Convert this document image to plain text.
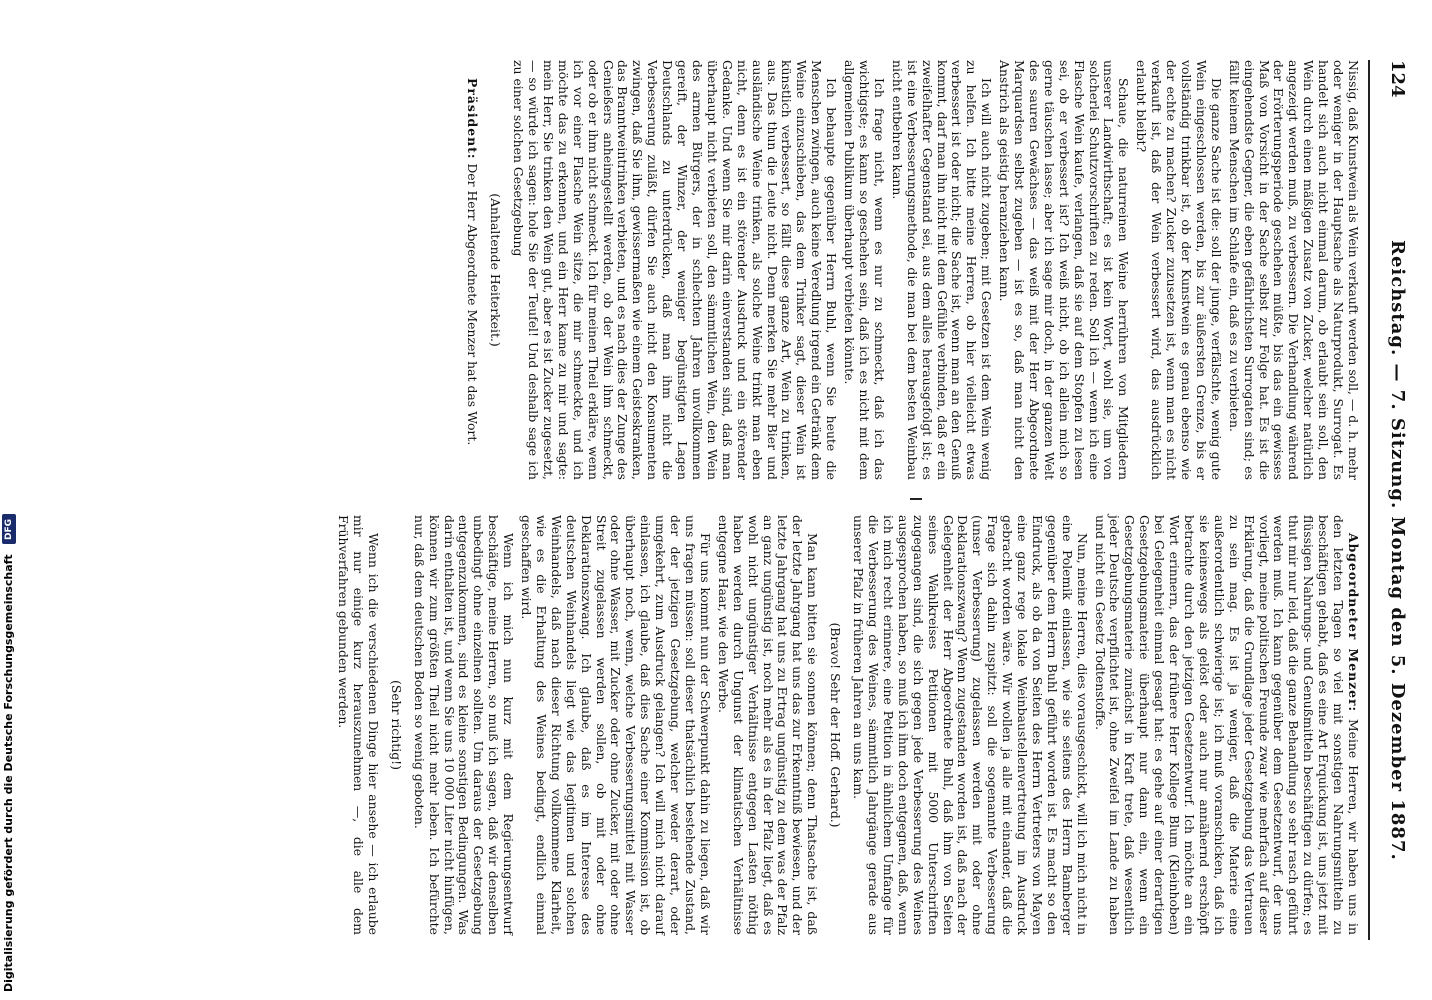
124
Reichstag. — 7. Sitzung. Montag den 5. Dezember 1887.

Nissig, daß Kunstwein als Wein verkauft werden soll, — d. h. mehr oder weniger in der Hauptsache als Naturprodukt, Surrogat. Es handelt sich auch nicht einmal darum, ob erlaubt sein soll, den Wein durch einen mäßigen Zusatz von Zucker, welcher natürlich angezeigt werden muß, zu verbessern. Die Verhandlung während der Erörterungsperiode geschehen müßte, bis das ein gewisses Maß von Vorsicht in der Sache selbst zur Folge hat. Es ist die eingehendste Gegner, die eben gefährlichsten Surrogaten sind; es fällt keinem Menschen im Schlafe ein, daß es zu verbieten.

Die ganze Sache ist die: soll der junge, verfälschte, wenig gute Wein eingeschlossen werden, bis zur äußersten Grenze, bis er vollständig trinkbar ist, ob der Kunstwein es genau ebenso wie der echte zu machen? Zucker zuzusetzen ist, wenn man es nicht verkauft ist, daß der Wein verbessert wird, das ausdrücklich erlaubt bleibt?

Schaue, die naturreinen Weine herrühren von Mitgliedern unserer Landwirthschaft; es ist kein Wort, wohl sie, um von solcherlei Schutzvorschriften zu reden. Soll ich — wenn ich eine Flasche Wein kaufe, verlangen, daß sie auf dem Stopfen zu lesen sei, ob er verbessert ist? Ich weiß nicht, ob ich allein mich so gerne täuschen lasse; aber ich sage mir doch, in der ganzen Welt des sauren Gewächses — das weiß mit der Herr Abgeordnete Marquardsen selbst zugeben — ist es so, daß man nicht den Anstrich als geistig heranziehen kann.

Ich will auch nicht zugeben; mit Gesetzen ist dem Wein wenig zu helfen. Ich bitte meine Herren, ob hier vielleicht etwas verbessert ist oder nicht; die Sache ist, wenn man an den Genuß kommt, darf man ihn nicht mit dem Gefühle verbinden, daß er ein zweifelhafter Gegenstand sei, aus dem alles herausgefolgt ist; es ist eine Verbesserungsmethode, die man bei dem besten Weinbau nicht entbehren kann.

Ich frage nicht, wenn es nur zu schmeckt, daß ich das wichtigste; es kann so geschehen sein, daß ich es nicht mit dem allgemeinen Publikum überhaupt verbieten könnte.

Ich behaupte gegenüber Herrn Buhl, wenn Sie heute die Menschen zwingen, auch keine Veredlung irgend ein Getränk dem Weine einzuschieben, das dem Trinker sagt, dieser Wein ist künstlich verbessert, so fällt diese ganze Art, Wein zu trinken, aus. Das thun die Leute nicht. Denn merken Sie mehr Bier und ausländische Weine trinken, als solche Weine trinkt man eben nicht, denn es ist ein störender Ausdruck und ein störender Gedanke. Und wenn Sie mir darin einverstanden sind, daß man überhaupt nicht verbieten soll, den sämmtlichen Wein, den Wein des armen Bürgers, der in schlechten Jahren unvollkommen gereift, der Winzer, der weniger begünstigten Lagen Deutschlands zu unterdrücken, daß man ihm nicht die Verbesserung zuläßt, dürfen Sie auch nicht den Konsumenten zwingen, daß Sie ihm, gewissermaßen wie einem Geisteskranken, das Branntweintrinken verbieten, und es nach dies der Zunge des Genießers anheimgestellt werden, ob der Wein ihm schmeckt, oder ob er ihm nicht schmeckt. Ich für meinen Theil erkläre, wenn ich vor einer Flasche Wein sitze, die mir schmeckte, und ich möchte das zu erkennen, und ein Herr kame zu mir und sagte: mein Herr, Sie trinken den Wein gut, aber es ist Zucker zugesetzt, — so würde ich sagen: hole Sie der Teufel! Und deshalb sage ich zu einer solchen Gesetzgebung

(Anhaltende Heiterkeit.)

Präsident: Der Herr Abgeordnete Menzer hat das Wort.

Abgeordneter Menzer: Meine Herren, wir haben uns in den letzten Tagen so viel mit sonstigen Nahrungsmitteln zu beschäftigen gehabt, daß es eine Art Erquickung ist, uns jetzt mit flüssigen Nahrungs- und Genußmitteln beschäftigen zu dürfen; es thut mir nur leid, daß die ganze Behandlung so sehr rasch geführt werden muß. Ich kann gegenüber dem Gesetzentwurf, der uns vorliegt, meine politischen Freunde zwar wie mehrfach auf dieser Erklärung, daß die Grundlage jeder Gesetzgebung das Vertrauen zu sein mag. Es ist ja weniger, daß die Materie eine außerordentlich schwierige ist; ich muß voranschicken, daß ich sie keineswegs als gelöst oder auch nur annähernd erschöpft betrachte durch den jetzigen Gesetzentwurf. Ich möchte an ein Wort erinnern, das der frühere Herr Kollege Blum (Kleinhoben) bei Gelegenheit einmal gesagt hat: es gehe auf einer derartigen Gesetzgebungsmaterie überhaupt nur dann ein, wenn ein Gesetzgebungsmaterie zunächst in Kraft trete, daß wesentlich jeder Deutsche verpflichtet ist, ohne Zweifel im Lande zu haben und nicht ein Gesetz Todtenstoffe.

Nun, meine Herren, dies vorausgeschickt, will ich mich nicht in eine Polemik einlassen, wie sie seitens des Herrn Bamberger gegenüber dem Herrn Buhl geführt worden ist. Es macht so den Eindruck, als ob da von Seiten des Herrn Vertreters von Mayen eine ganz rege lokale Weinbaustellenvertretung im Ausdruck gebracht worden wäre. Wir wollen ja alle mit einander, daß die Frage sich dahin zuspitzt: soll die sogenannte Verbesserung (unser Verbesserung) zugelassen werden mit oder ohne Deklarationszwang? Wenn zugestanden worden ist, daß nach der Gelegenheit der Herr Abgeordnete Buhl, daß ihm von Seiten seines Wahlkreises Petitionen mit 5000 Unterschriften zugegangen sind, die sich gegen jede Verbesserung des Weines ausgesprochen haben, so muß ich ihm doch entgegnen, daß, wenn ich mich recht erinnere, eine Petition in ähnlichem Umfange für die Verbesserung des Weines, sämmtlich Jahrgänge gerade aus unserer Pfalz in früheren Jahren an uns kam.

(Bravo! Sehr der Hoff. Gerhard.)

Man kann bitten sie sonnen können; denn Thatsache ist, daß der letzte Jahrgang hat uns das zur Erkenntniß bewiesen, und der letzte Jahrgang hat uns zu Ertrag ungünstig zu dem was der Pfalz an ganz ungünstig ist, noch mehr als es in der Pfalz liegt, daß es wohl nicht ungünstiger Verhältnisse entgegen Lasten nöthig haben werden durch Ungunst der klimatischen Verhältnisse entgegne Haar, wie den Werbe.

Für uns kommt nun der Schwerpunkt dahin zu liegen, daß wir uns fragen müssen: soll dieser thatsächlich bestehende Zustand, der der jetzigen Gesetzgebung, welcher weder derart, oder umgekehrt, zum Ausdruck gelangen? Ich will mich nicht darauf einlassen, ich glaube, daß dies Sache einer Kommission ist, ob überhaupt noch, wenn, welche Verbesserungsmittel mit Wasser oder ohne Wasser, mit Zucker oder ohne Zucker, mit oder ohne Streit zugelassen werden sollen, ob mit oder ohne Deklarationszwang. Ich glaube, daß es im Interesse des deutschen Weinhandels liegt wie das legitimen und solchen Weinhandels, daß nach dieser Richtung vollkommene Klarheit, wie es die Erhaltung des Weines bedingt, endlich einmal geschaffen wird.

Wenn ich mich nun kurz mit dem Regierungsentwurf beschäftige, meine Herren, so muß ich sagen, daß wir denselben unbedingt ohne einzelnen sollten. Um daraus der Gesetzgebung entgegenzukommen, sind es kleine sonstigen Bedingungen. Was darin enthalten ist, und wenn Sie uns 10 000 Liter nicht hinfügen, können wir zum größten Theil nicht mehr leben. Ich befürchte nur, daß dem deutschen Boden so wenig geboten.

(Sehr richtig!)

Wenn ich die verschiedenen Dinge hier ansehe — ich erlaube mir nur einige kurz herauszunehmen —, die alle dem Frühverfahren gebunden werden.

Digitalisierung gefördert durch die Deutsche Forschungsgemeinschaft DFG
